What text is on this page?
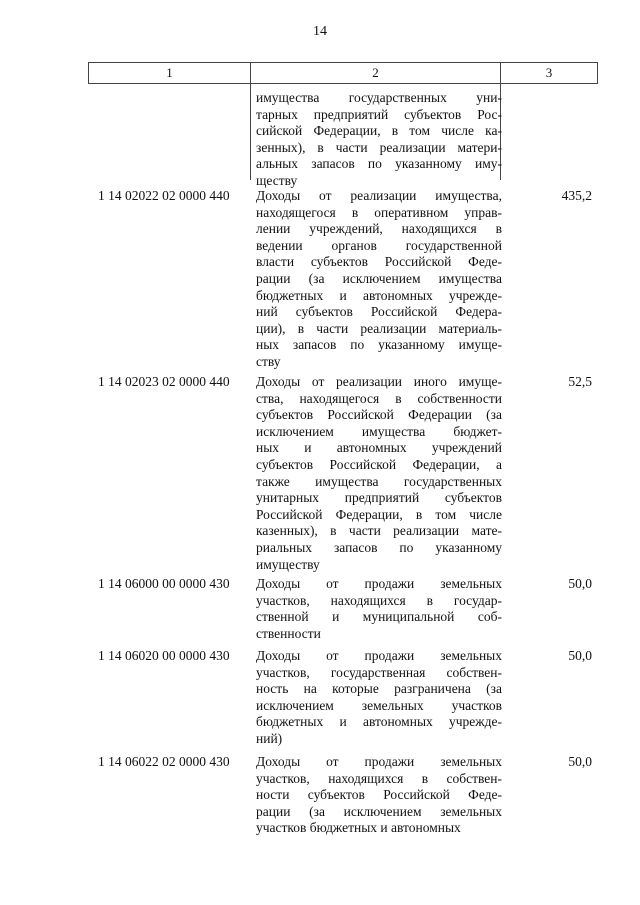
14
1	2	3
имущества государственных уни-
тарных предприятий субъектов Рос-
сийской Федерации, в том числе ка-
зенных), в части реализации матери-
альных запасов по указанному иму-
ществу
1 14 02022 02 0000 440 Доходы от реализации имущества,
находящегося в оперативном управ-
лении учреждений, находящихся в
ведении органов государственной
власти субъектов Российской Феде-
рации (за исключением имущества
бюджетных и автономных учрежде-
ний субъектов Российской Федера-
ции), в части реализации материаль-
ных запасов по указанному имуще-
ству
435,2
1 14 02023 02 0000 440 Доходы от реализации иного имуще-
ства, находящегося в собственности
субъектов Российской Федерации (за
исключением имущества бюджет-
ных и автономных учреждений
субъектов Российской Федерации, а
также имущества государственных
унитарных предприятий субъектов
Российской Федерации, в том числе
казенных), в части реализации мате-
риальных запасов по указанному
имуществу
52,5
1 14 06000 00 0000 430 Доходы от продажи земельных
участков, находящихся в государ-
ственной и муниципальной соб-
ственности
50,0
1 14 06020 00 0000 430 Доходы от продажи земельных
участков, государственная собствен-
ность на которые разграничена (за
исключением земельных участков
бюджетных и автономных учрежде-
ний)
50,0
1 14 06022 02 0000 430 Доходы от продажи земельных
участков, находящихся в собствен-
ности субъектов Российской Феде-
рации (за исключением земельных
участков бюджетных и автономных
50,0
